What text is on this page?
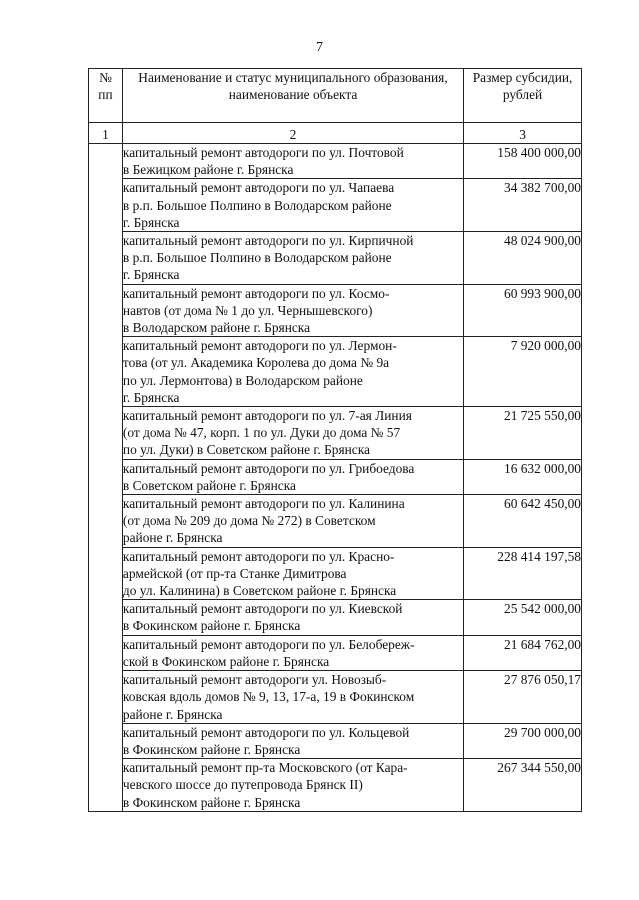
7
№
пп	Наименование и статус муниципального образования, наименование объекта	Размер субсидии, рублей
1	2	3
	капитальный ремонт автодороги по ул. Почтовой
в Бежицком районе г. Брянска	158 400 000,00
	капитальный ремонт автодороги по ул. Чапаева
в р.п. Большое Полпино в Володарском районе
г. Брянска	34 382 700,00
	капитальный ремонт автодороги по ул. Кирпичной
в р.п. Большое Полпино в Володарском районе
г. Брянска	48 024 900,00
	капитальный ремонт автодороги по ул. Космо-
навтов (от дома № 1 до ул. Чернышевского)
в Володарском районе г. Брянска	60 993 900,00
	капитальный ремонт автодороги по ул. Лермон-
това (от ул. Академика Королева до дома № 9а
по ул. Лермонтова) в Володарском районе
г. Брянска	7 920 000,00
	капитальный ремонт автодороги по ул. 7-ая Линия
(от дома № 47, корп. 1 по ул. Дуки до дома № 57
по ул. Дуки) в Советском районе г. Брянска	21 725 550,00
	капитальный ремонт автодороги по ул. Грибоедова
в Советском районе г. Брянска	16 632 000,00
	капитальный ремонт автодороги по ул. Калинина
(от дома № 209 до дома № 272) в Советском
районе г. Брянска	60 642 450,00
	капитальный ремонт автодороги по ул. Красно-
армейской (от пр-та Станке Димитрова
до ул. Калинина) в Советском районе г. Брянска	228 414 197,58
	капитальный ремонт автодороги по ул. Киевской
в Фокинском районе г. Брянска	25 542 000,00
	капитальный ремонт автодороги по ул. Белобереж-
ской в Фокинском районе г. Брянска	21 684 762,00
	капитальный ремонт автодороги ул. Новозыб-
ковская вдоль домов № 9, 13, 17-а, 19 в Фокинском
районе г. Брянска	27 876 050,17
	капитальный ремонт автодороги по ул. Кольцевой
в Фокинском районе г. Брянска	29 700 000,00
	капитальный ремонт пр-та Московского (от Кара-
чевского шоссе до путепровода Брянск II)
в Фокинском районе г. Брянска	267 344 550,00
